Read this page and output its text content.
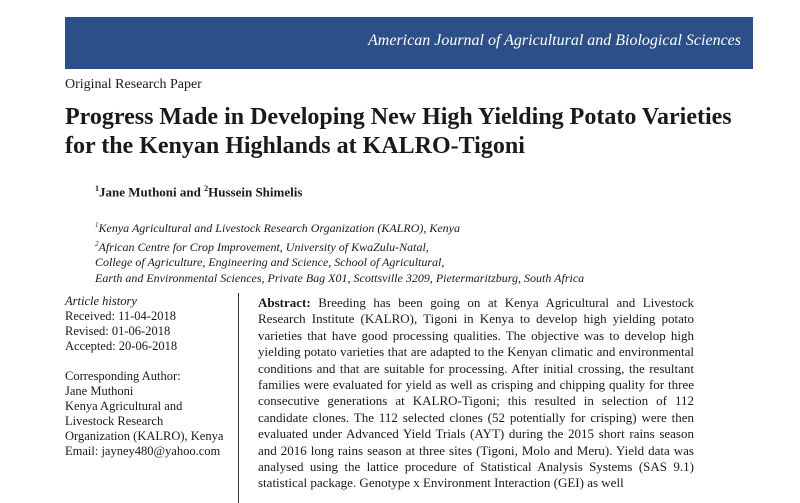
American Journal of Agricultural and Biological Sciences
Original Research Paper
Progress Made in Developing New High Yielding Potato Varieties for the Kenyan Highlands at KALRO-Tigoni
$^1$Jane Muthoni and $^2$Hussein Shimelis
$^1$Kenya Agricultural and Livestock Research Organization (KALRO), Kenya
$^2$African Centre for Crop Improvement, University of KwaZulu-Natal,
College of Agriculture, Engineering and Science, School of Agricultural,
Earth and Environmental Sciences, Private Bag X01, Scottsville 3209, Pietermaritzburg, South Africa
Article history
Received: 11-04-2018
Revised: 01-06-2018
Accepted: 20-06-2018
Corresponding Author:
Jane Muthoni
Kenya Agricultural and
Livestock Research
Organization (KALRO), Kenya
Email: jayney480@yahoo.com

Abstract: Breeding has been going on at Kenya Agricultural and Livestock Research Institute (KALRO), Tigoni in Kenya to develop high yielding potato varieties that have good processing qualities. The objective was to develop high yielding potato varieties that are adapted to the Kenyan climatic and environmental conditions and that are suitable for processing. After initial crossing, the resultant families were evaluated for yield as well as crisping and chipping quality for three consecutive generations at KALRO-Tigoni; this resulted in selection of 112 candidate clones. The 112 selected clones (52 potentially for crisping) were then evaluated under Advanced Yield Trials (AYT) during the 2015 short rains season and 2016 long rains season at three sites (Tigoni, Molo and Meru). Yield data was analysed using the lattice procedure of Statistical Analysis Systems (SAS 9.1) statistical package. Genotype x Environment Interaction (GEI) as well
